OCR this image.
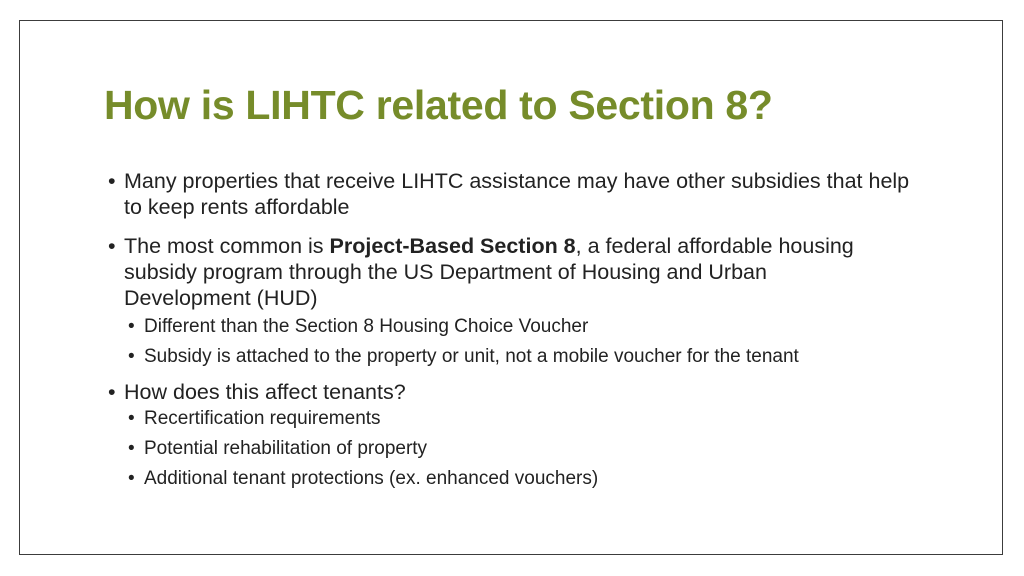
How is LIHTC related to Section 8?
• Many properties that receive LIHTC assistance may have other subsidies that help to keep rents affordable
• The most common is Project-Based Section 8, a federal affordable housing subsidy program through the US Department of Housing and Urban Development (HUD)
• Different than the Section 8 Housing Choice Voucher
• Subsidy is attached to the property or unit, not a mobile voucher for the tenant
• How does this affect tenants?
• Recertification requirements
• Potential rehabilitation of property
• Additional tenant protections (ex. enhanced vouchers)
